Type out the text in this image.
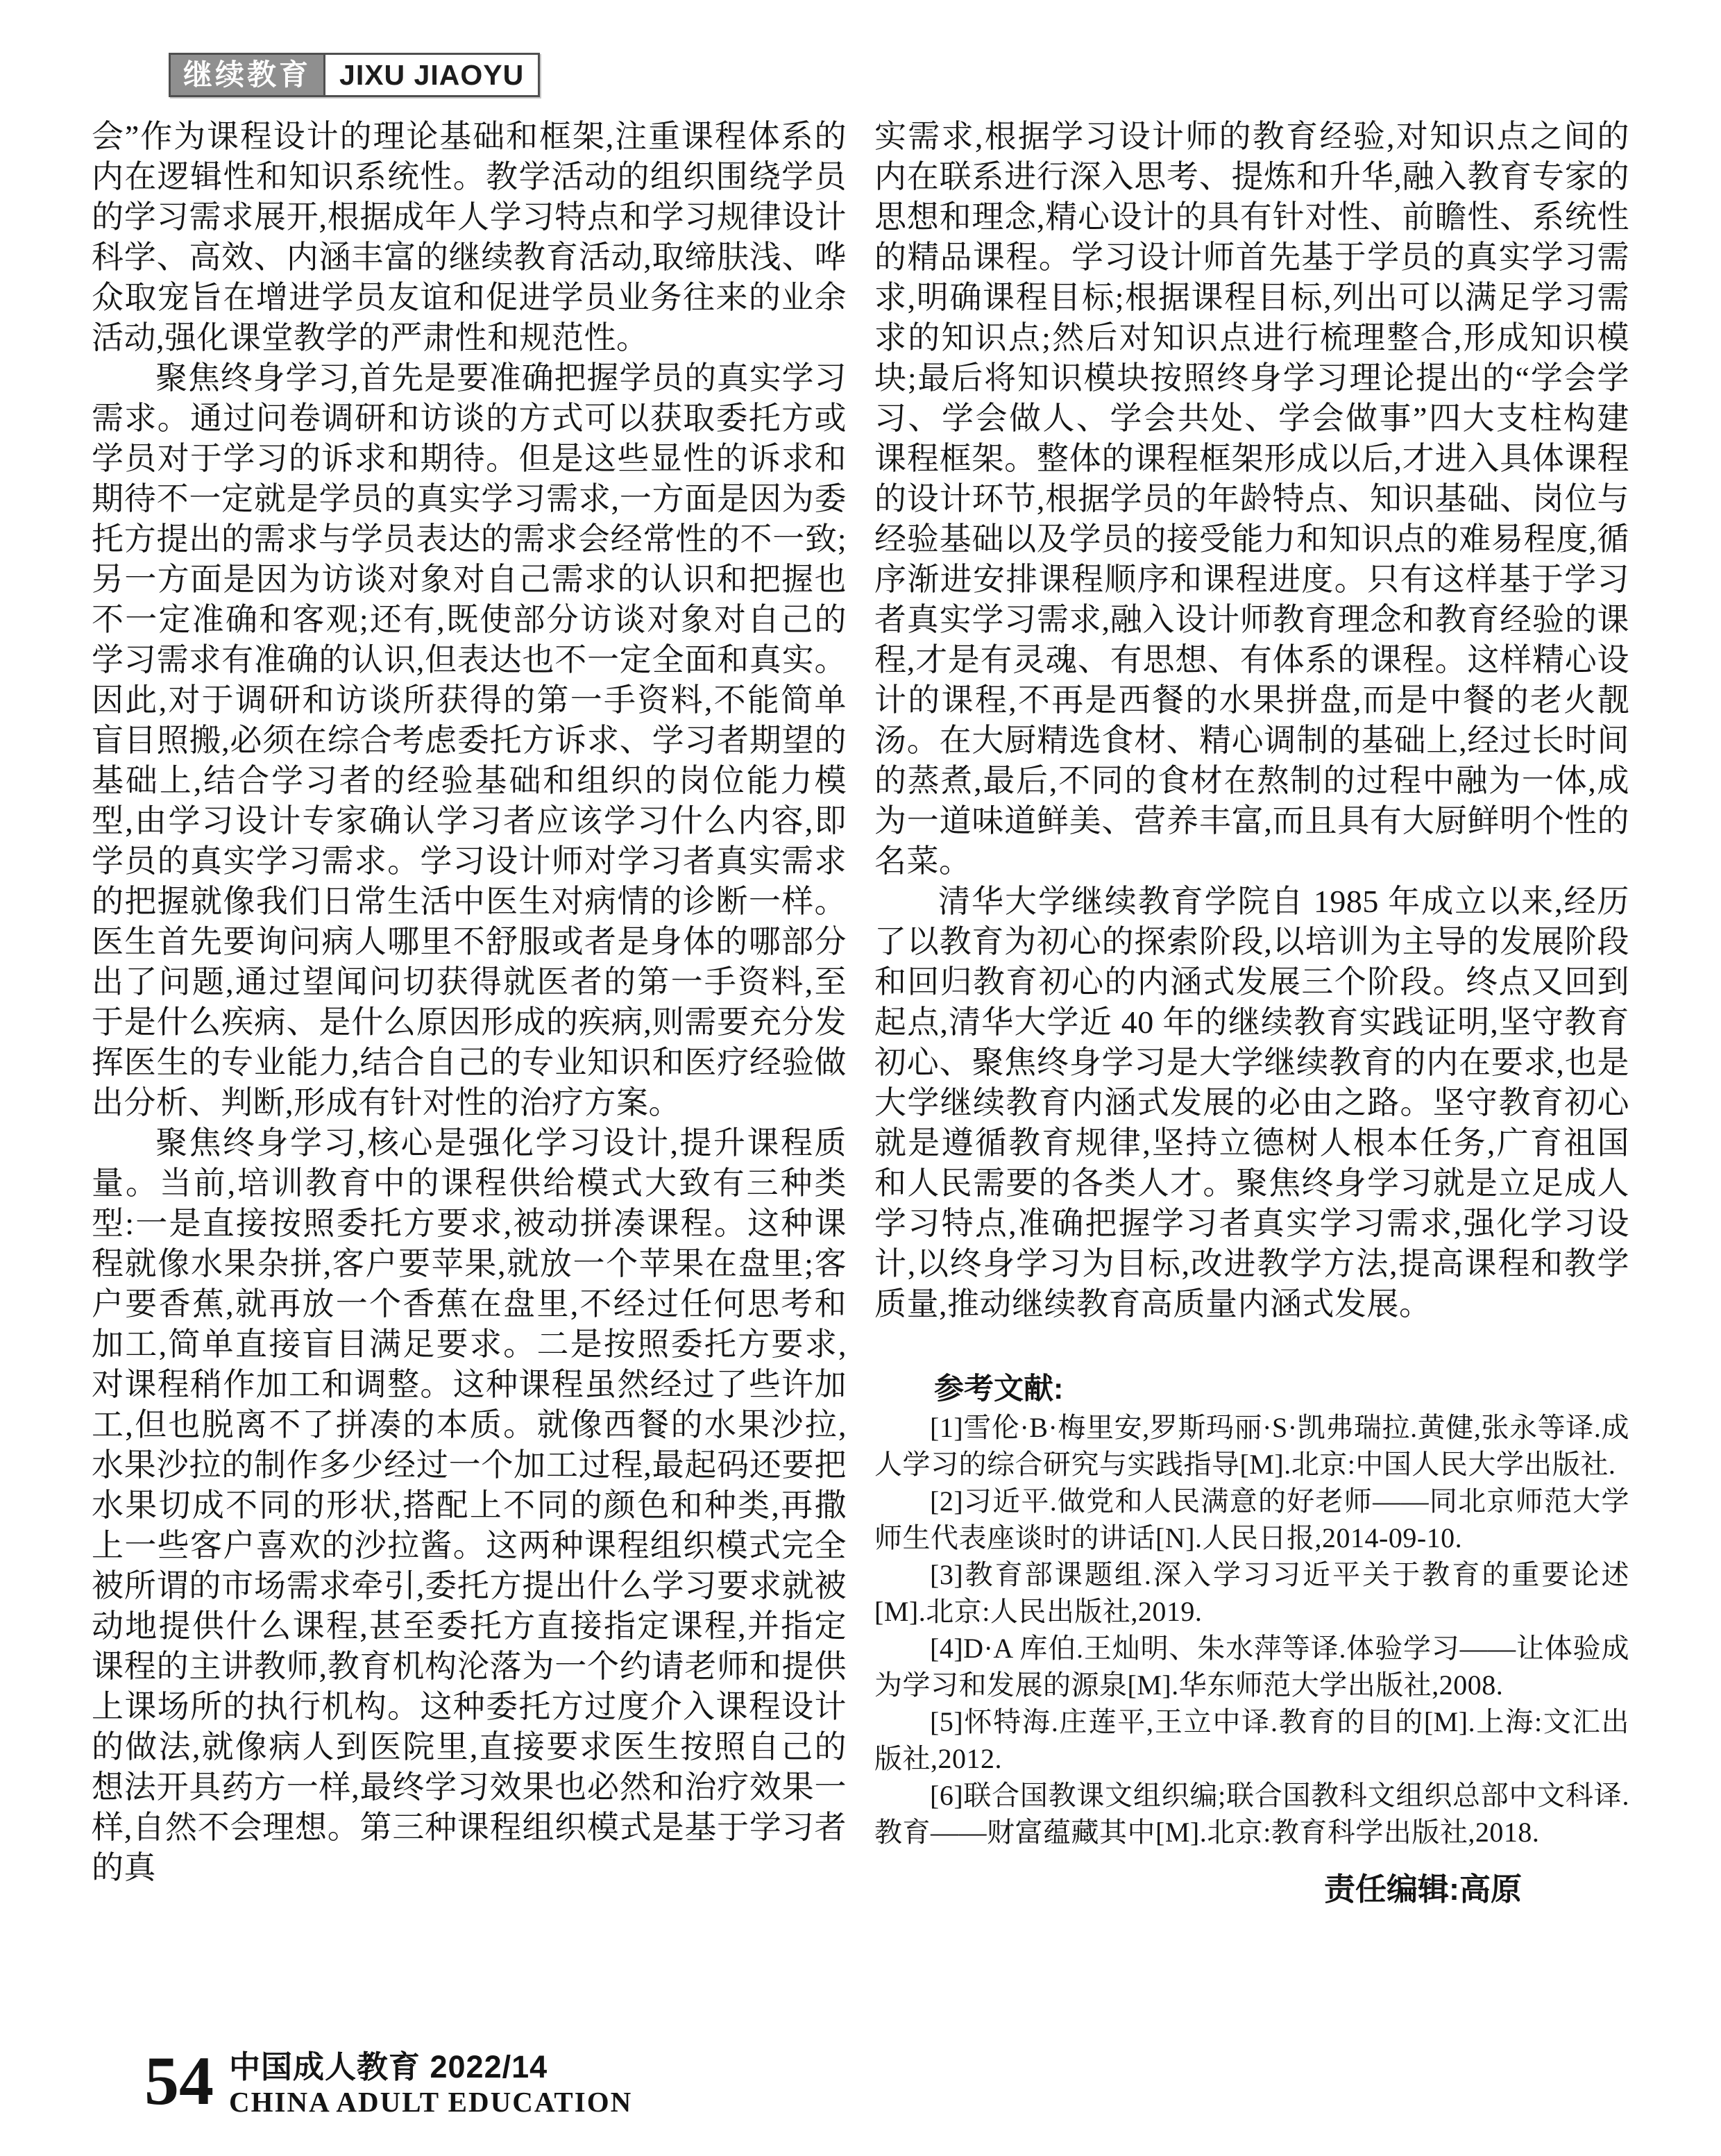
继续教育	JIXU JIAOYU

会”作为课程设计的理论基础和框架,注重课程体系的内在逻辑性和知识系统性。教学活动的组织围绕学员的学习需求展开,根据成年人学习特点和学习规律设计科学、高效、内涵丰富的继续教育活动,取缔肤浅、哗众取宠旨在增进学员友谊和促进学员业务往来的业余活动,强化课堂教学的严肃性和规范性。

聚焦终身学习,首先是要准确把握学员的真实学习需求。通过问卷调研和访谈的方式可以获取委托方或学员对于学习的诉求和期待。但是这些显性的诉求和期待不一定就是学员的真实学习需求,一方面是因为委托方提出的需求与学员表达的需求会经常性的不一致;另一方面是因为访谈对象对自己需求的认识和把握也不一定准确和客观;还有,既使部分访谈对象对自己的学习需求有准确的认识,但表达也不一定全面和真实。因此,对于调研和访谈所获得的第一手资料,不能简单盲目照搬,必须在综合考虑委托方诉求、学习者期望的基础上,结合学习者的经验基础和组织的岗位能力模型,由学习设计专家确认学习者应该学习什么内容,即学员的真实学习需求。学习设计师对学习者真实需求的把握就像我们日常生活中医生对病情的诊断一样。医生首先要询问病人哪里不舒服或者是身体的哪部分出了问题,通过望闻问切获得就医者的第一手资料,至于是什么疾病、是什么原因形成的疾病,则需要充分发挥医生的专业能力,结合自己的专业知识和医疗经验做出分析、判断,形成有针对性的治疗方案。

聚焦终身学习,核心是强化学习设计,提升课程质量。当前,培训教育中的课程供给模式大致有三种类型:一是直接按照委托方要求,被动拼凑课程。这种课程就像水果杂拼,客户要苹果,就放一个苹果在盘里;客户要香蕉,就再放一个香蕉在盘里,不经过任何思考和加工,简单直接盲目满足要求。二是按照委托方要求,对课程稍作加工和调整。这种课程虽然经过了些许加工,但也脱离不了拼凑的本质。就像西餐的水果沙拉,水果沙拉的制作多少经过一个加工过程,最起码还要把水果切成不同的形状,搭配上不同的颜色和种类,再撒上一些客户喜欢的沙拉酱。这两种课程组织模式完全被所谓的市场需求牵引,委托方提出什么学习要求就被动地提供什么课程,甚至委托方直接指定课程,并指定课程的主讲教师,教育机构沦落为一个约请老师和提供上课场所的执行机构。这种委托方过度介入课程设计的做法,就像病人到医院里,直接要求医生按照自己的想法开具药方一样,最终学习效果也必然和治疗效果一样,自然不会理想。第三种课程组织模式是基于学习者的真

实需求,根据学习设计师的教育经验,对知识点之间的内在联系进行深入思考、提炼和升华,融入教育专家的思想和理念,精心设计的具有针对性、前瞻性、系统性的精品课程。学习设计师首先基于学员的真实学习需求,明确课程目标;根据课程目标,列出可以满足学习需求的知识点;然后对知识点进行梳理整合,形成知识模块;最后将知识模块按照终身学习理论提出的“学会学习、学会做人、学会共处、学会做事”四大支柱构建课程框架。整体的课程框架形成以后,才进入具体课程的设计环节,根据学员的年龄特点、知识基础、岗位与经验基础以及学员的接受能力和知识点的难易程度,循序渐进安排课程顺序和课程进度。只有这样基于学习者真实学习需求,融入设计师教育理念和教育经验的课程,才是有灵魂、有思想、有体系的课程。这样精心设计的课程,不再是西餐的水果拼盘,而是中餐的老火靓汤。在大厨精选食材、精心调制的基础上,经过长时间的蒸煮,最后,不同的食材在熬制的过程中融为一体,成为一道味道鲜美、营养丰富,而且具有大厨鲜明个性的名菜。

清华大学继续教育学院自 1985 年成立以来,经历了以教育为初心的探索阶段,以培训为主导的发展阶段和回归教育初心的内涵式发展三个阶段。终点又回到起点,清华大学近 40 年的继续教育实践证明,坚守教育初心、聚焦终身学习是大学继续教育的内在要求,也是大学继续教育内涵式发展的必由之路。坚守教育初心就是遵循教育规律,坚持立德树人根本任务,广育祖国和人民需要的各类人才。聚焦终身学习就是立足成人学习特点,准确把握学习者真实学习需求,强化学习设计,以终身学习为目标,改进教学方法,提高课程和教学质量,推动继续教育高质量内涵式发展。

参考文献:

[1]雪伦·B·梅里安,罗斯玛丽·S·凯弗瑞拉.黄健,张永等译.成人学习的综合研究与实践指导[M].北京:中国人民大学出版社.

[2]习近平.做党和人民满意的好老师——同北京师范大学师生代表座谈时的讲话[N].人民日报,2014-09-10.

[3]教育部课题组.深入学习习近平关于教育的重要论述[M].北京:人民出版社,2019.

[4]D·A 库伯.王灿明、朱水萍等译.体验学习——让体验成为学习和发展的源泉[M].华东师范大学出版社,2008.

[5]怀特海.庄莲平,王立中译.教育的目的[M].上海:文汇出版社,2012.

[6]联合国教课文组织编;联合国教科文组织总部中文科译.教育——财富蕴藏其中[M].北京:教育科学出版社,2018.

责任编辑:高原

54 中国成人教育 2022/14
CHINA ADULT EDUCATION
